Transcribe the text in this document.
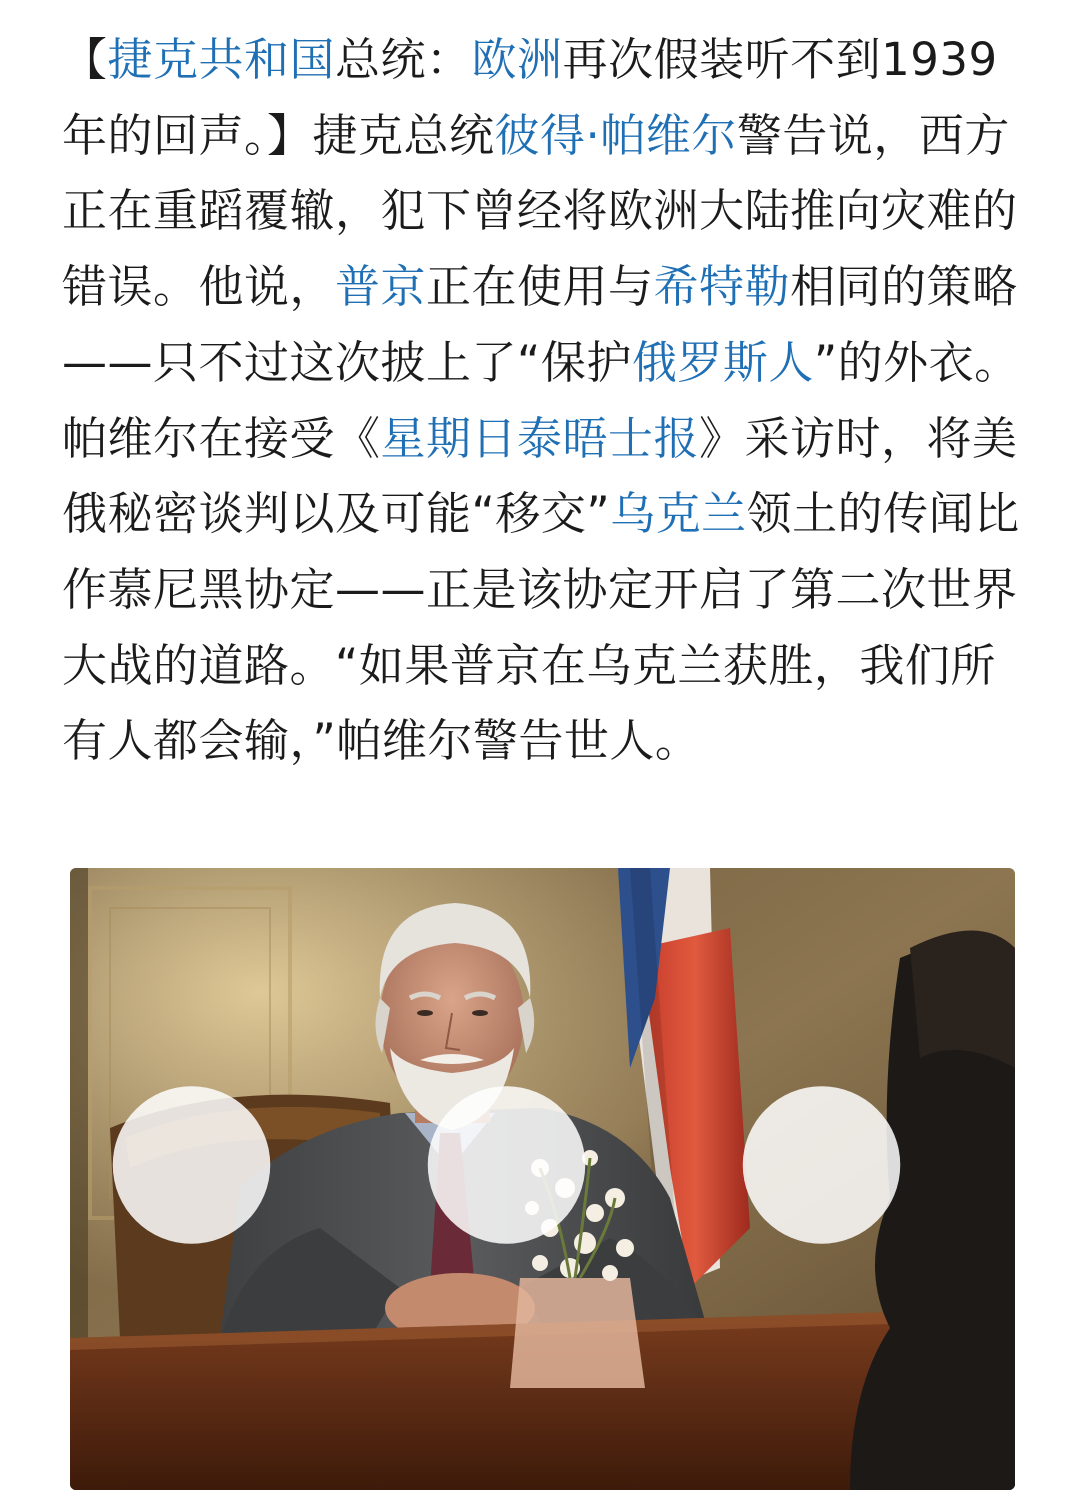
【捷克共和国总统：欧洲再次假装听不到1939年的回声。】捷克总统彼得·帕维尔警告说，西方正在重蹈覆辙，犯下曾经将欧洲大陆推向灾难的错误。他说，普京正在使用与希特勒相同的策略——只不过这次披上了“保护俄罗斯人”的外衣。帕维尔在接受《星期日泰晤士报》采访时，将美俄秘密谈判以及可能“移交”乌克兰领土的传闻比作慕尼黑协定——正是该协定开启了第二次世界大战的道路。“如果普京在乌克兰获胜，我们所有人都会输，”帕维尔警告世人。
